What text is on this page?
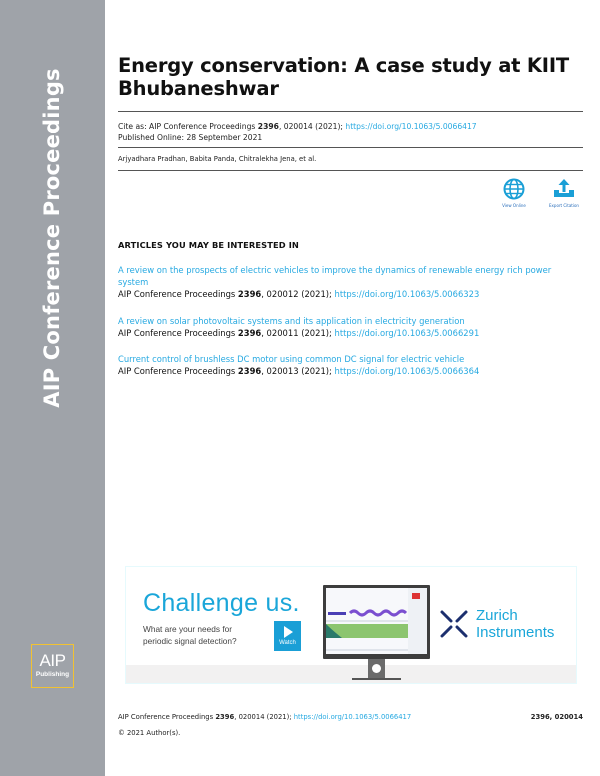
AIP Conference Proceedings
AIP
Publishing
Energy conservation: A case study at KIIT Bhubaneshwar
Cite as: AIP Conference Proceedings 2396, 020014 (2021); https://doi.org/10.1063/5.0066417
Published Online: 28 September 2021
Arjyadhara Pradhan, Babita Panda, Chitralekha Jena, et al.
View Online	Export Citation
ARTICLES YOU MAY BE INTERESTED IN
A review on the prospects of electric vehicles to improve the dynamics of renewable energy rich power system
AIP Conference Proceedings 2396, 020012 (2021); https://doi.org/10.1063/5.0066323
A review on solar photovoltaic systems and its application in electricity generation
AIP Conference Proceedings 2396, 020011 (2021); https://doi.org/10.1063/5.0066291
Current control of brushless DC motor using common DC signal for electric vehicle
AIP Conference Proceedings 2396, 020013 (2021); https://doi.org/10.1063/5.0066364
Challenge us.
What are your needs for
periodic signal detection?	Watch
Zurich
Instruments
AIP Conference Proceedings 2396, 020014 (2021); https://doi.org/10.1063/5.0066417	2396, 020014
© 2021 Author(s).
